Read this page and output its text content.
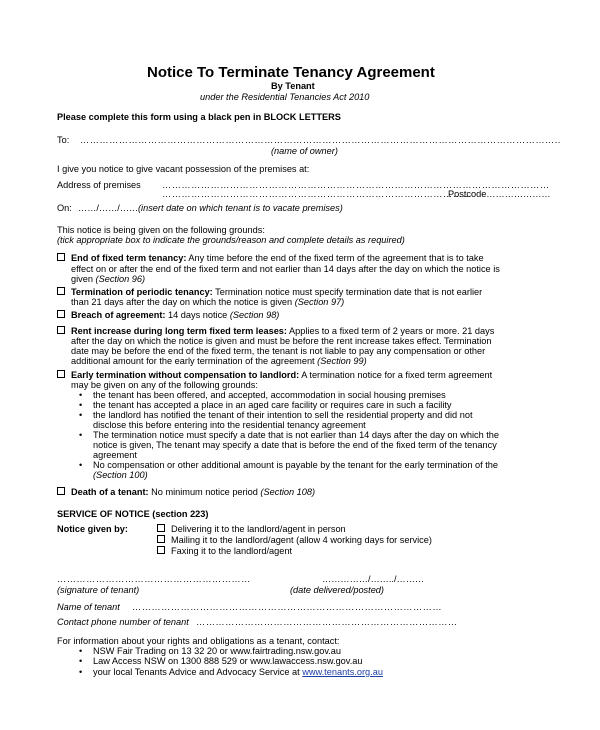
Notice To Terminate Tenancy Agreement
By Tenant
under the Residential Tenancies Act 2010
Please complete this form using a black pen in BLOCK LETTERS
To: …………………………………………………………………………………………………………………………………..
(name of owner)
I give you notice to give vacant possession of the premises at:
Address of premises …………………………………………………………………………………………………………
……………………………………………………………………………………
Postcode…………………
On: ……/……/…… (insert date on which tenant is to vacate premises)
This notice is being given on the following grounds:
(tick appropriate box to indicate the grounds/reason and complete details as required)
End of fixed term tenancy: Any time before the end of the fixed term of the agreement that is to take
effect on or after the end of the fixed term and not earlier than 14 days after the day on which the notice is
given (Section 96)
Termination of periodic tenancy: Termination notice must specify termination date that is not earlier
than 21 days after the day on which the notice is given (Section 97)
Breach of agreement: 14 days notice (Section 98)
Rent increase during long term fixed term leases: Applies to a fixed term of 2 years or more. 21 days
after the day on which the notice is given and must be before the rent increase takes effect. Termination
date may be before the end of the fixed term, the tenant is not liable to pay any compensation or other
additional amount for the early termination of the agreement (Section 99)
Early termination without compensation to landlord: A termination notice for a fixed term agreement
may be given on any of the following grounds:
• the tenant has been offered, and accepted, accommodation in social housing premises
• the tenant has accepted a place in an aged care facility or requires care in such a facility
• the landlord has notified the tenant of their intention to sell the residential property and did not
disclose this before entering into the residential tenancy agreement
• The termination notice must specify a date that is not earlier than 14 days after the day on which the
notice is given, The tenant may specify a date that is before the end of the fixed term of the tenancy
agreement
• No compensation or other additional amount is payable by the tenant for the early termination of the
(Section 100)
Death of a tenant: No minimum notice period (Section 108)
SERVICE OF NOTICE (section 223)
Notice given by:	Delivering it to the landlord/agent in person
Mailing it to the landlord/agent (allow 4 working days for service)
Faxing it to the landlord/agent
……………………………………………………	……………/……../………
(signature of tenant)	(date delivered/posted)
Name of tenant ……………………………………………………………………………………
Contact phone number of tenant ………………………………………………………………………
For information about your rights and obligations as a tenant, contact:
• NSW Fair Trading on 13 32 20 or www.fairtrading.nsw.gov.au
• Law Access NSW on 1300 888 529 or www.lawaccess.nsw.gov.au
• your local Tenants Advice and Advocacy Service at www.tenants.org.au
